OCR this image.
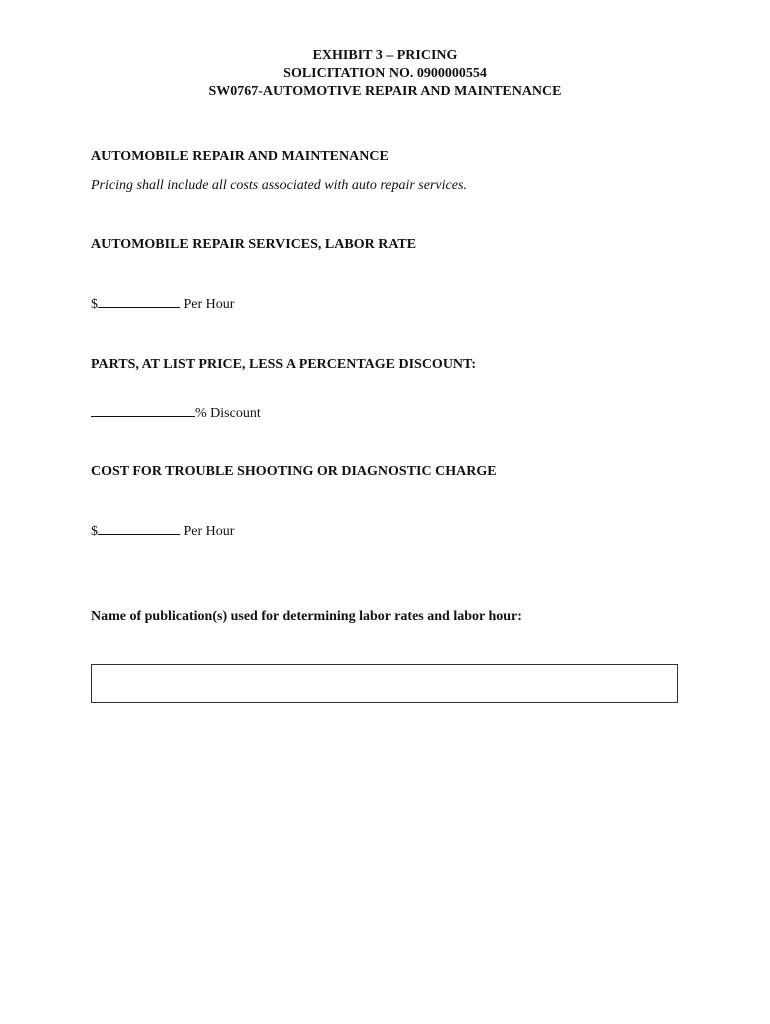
EXHIBIT 3 – PRICING
SOLICITATION NO. 0900000554
SW0767-AUTOMOTIVE REPAIR AND MAINTENANCE
AUTOMOBILE REPAIR AND MAINTENANCE
Pricing shall include all costs associated with auto repair services.
AUTOMOBILE REPAIR SERVICES, LABOR RATE
$	Per Hour
PARTS, AT LIST PRICE, LESS A PERCENTAGE DISCOUNT:
% Discount
COST FOR TROUBLE SHOOTING OR DIAGNOSTIC CHARGE
$	Per Hour
Name of publication(s) used for determining labor rates and labor hour:
